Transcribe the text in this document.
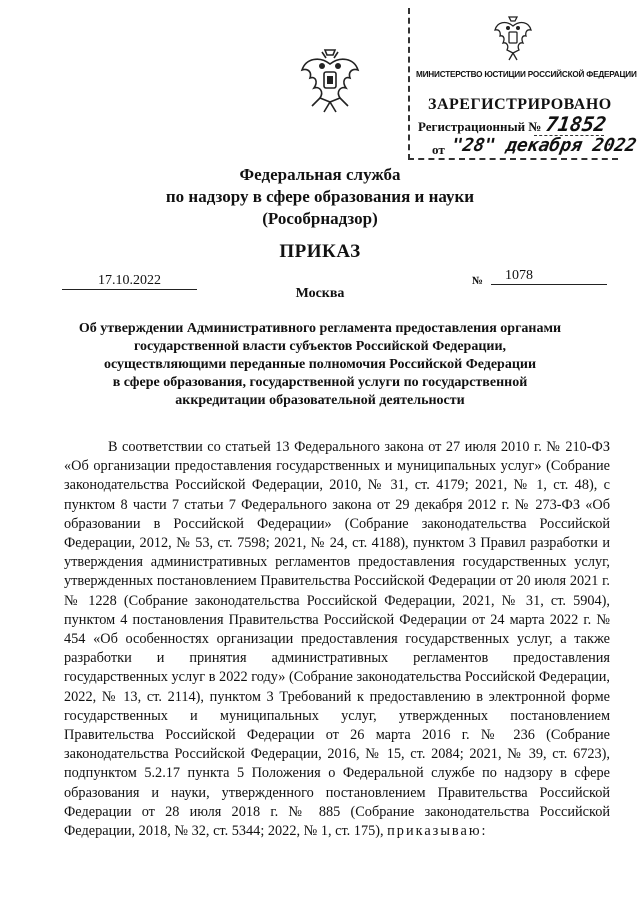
МИНИСТЕРСТВО ЮСТИЦИИ РОССИЙСКОЙ ФЕДЕРАЦИИ
ЗАРЕГИСТРИРОВАНО
Регистрационный № 71852
от "28" декабря 2022
Федеральная служба
по надзору в сфере образования и науки
(Рособрнадзор)
ПРИКАЗ
17.10.2022	№	1078
Москва
Об утверждении Административного регламента предоставления органами
государственной власти субъектов Российской Федерации,
осуществляющими переданные полномочия Российской Федерации
в сфере образования, государственной услуги по государственной
аккредитации образовательной деятельности
В соответствии со статьей 13 Федерального закона от 27 июля 2010 г. № 210-ФЗ «Об организации предоставления государственных и муниципальных услуг» (Собрание законодательства Российской Федерации, 2010, № 31, ст. 4179; 2021, № 1, ст. 48), с пунктом 8 части 7 статьи 7 Федерального закона от 29 декабря 2012 г. № 273-ФЗ «Об образовании в Российской Федерации» (Собрание законодательства Российской Федерации, 2012, № 53, ст. 7598; 2021, № 24, ст. 4188), пунктом 3 Правил разработки и утверждения административных регламентов предоставления государственных услуг, утвержденных постановлением Правительства Российской Федерации от 20 июля 2021 г. № 1228 (Собрание законодательства Российской Федерации, 2021, № 31, ст. 5904), пунктом 4 постановления Правительства Российской Федерации от 24 марта 2022 г. № 454 «Об особенностях организации предоставления государственных услуг, а также разработки и принятия административных регламентов предоставления государственных услуг в 2022 году» (Собрание законодательства Российской Федерации, 2022, № 13, ст. 2114), пунктом 3 Требований к предоставлению в электронной форме государственных и муниципальных услуг, утвержденных постановлением Правительства Российской Федерации от 26 марта 2016 г. № 236 (Собрание законодательства Российской Федерации, 2016, № 15, ст. 2084; 2021, № 39, ст. 6723), подпунктом 5.2.17 пункта 5 Положения о Федеральной службе по надзору в сфере образования и науки, утвержденного постановлением Правительства Российской Федерации от 28 июля 2018 г. № 885 (Собрание законодательства Российской Федерации, 2018, № 32, ст. 5344; 2022, № 1, ст. 175), приказываю:
